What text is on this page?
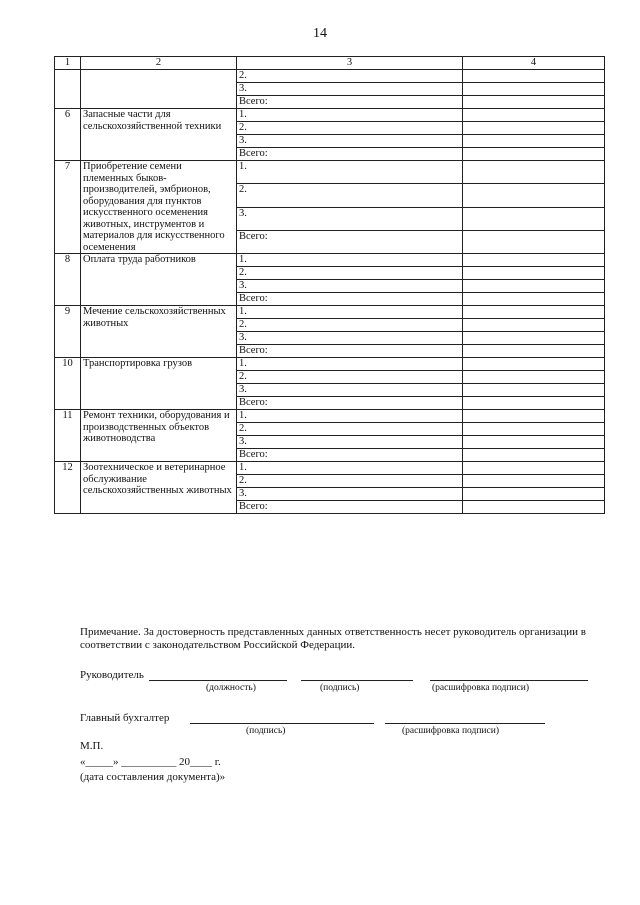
14
1	2	3	4
		2.	
		3.	
		Всего:	
6	Запасные части для сельскохозяйственной техники	1.	
		2.	
		3.	
		Всего:	
7	Приобретение семени племенных быков-производителей, эмбрионов, оборудования для пунктов искусственного осеменения животных, инструментов и материалов для искусственного осеменения	1.	
		2.	
		3.	
		Всего:	
8	Оплата труда работников	1.	
		2.	
		3.	
		Всего:	
9	Мечение сельскохозяйственных животных	1.	
		2.	
		3.	
		Всего:	
10	Транспортировка грузов	1.	
		2.	
		3.	
		Всего:	
11	Ремонт техники, оборудования и производственных объектов животноводства	1.	
		2.	
		3.	
		Всего:	
12	Зоотехническое и ветеринарное обслуживание сельскохозяйственных животных	1.	
		2.	
		3.	
		Всего:	
Примечание. За достоверность представленных данных ответственность несет руководитель организации в соответствии с законодательством Российской Федерации.
Руководитель
(должность)	(подпись)	(расшифровка подписи)
Главный бухгалтер
(подпись)	(расшифровка подписи)
М.П.
«_____» __________ 20____ г.
(дата составления документа)»
